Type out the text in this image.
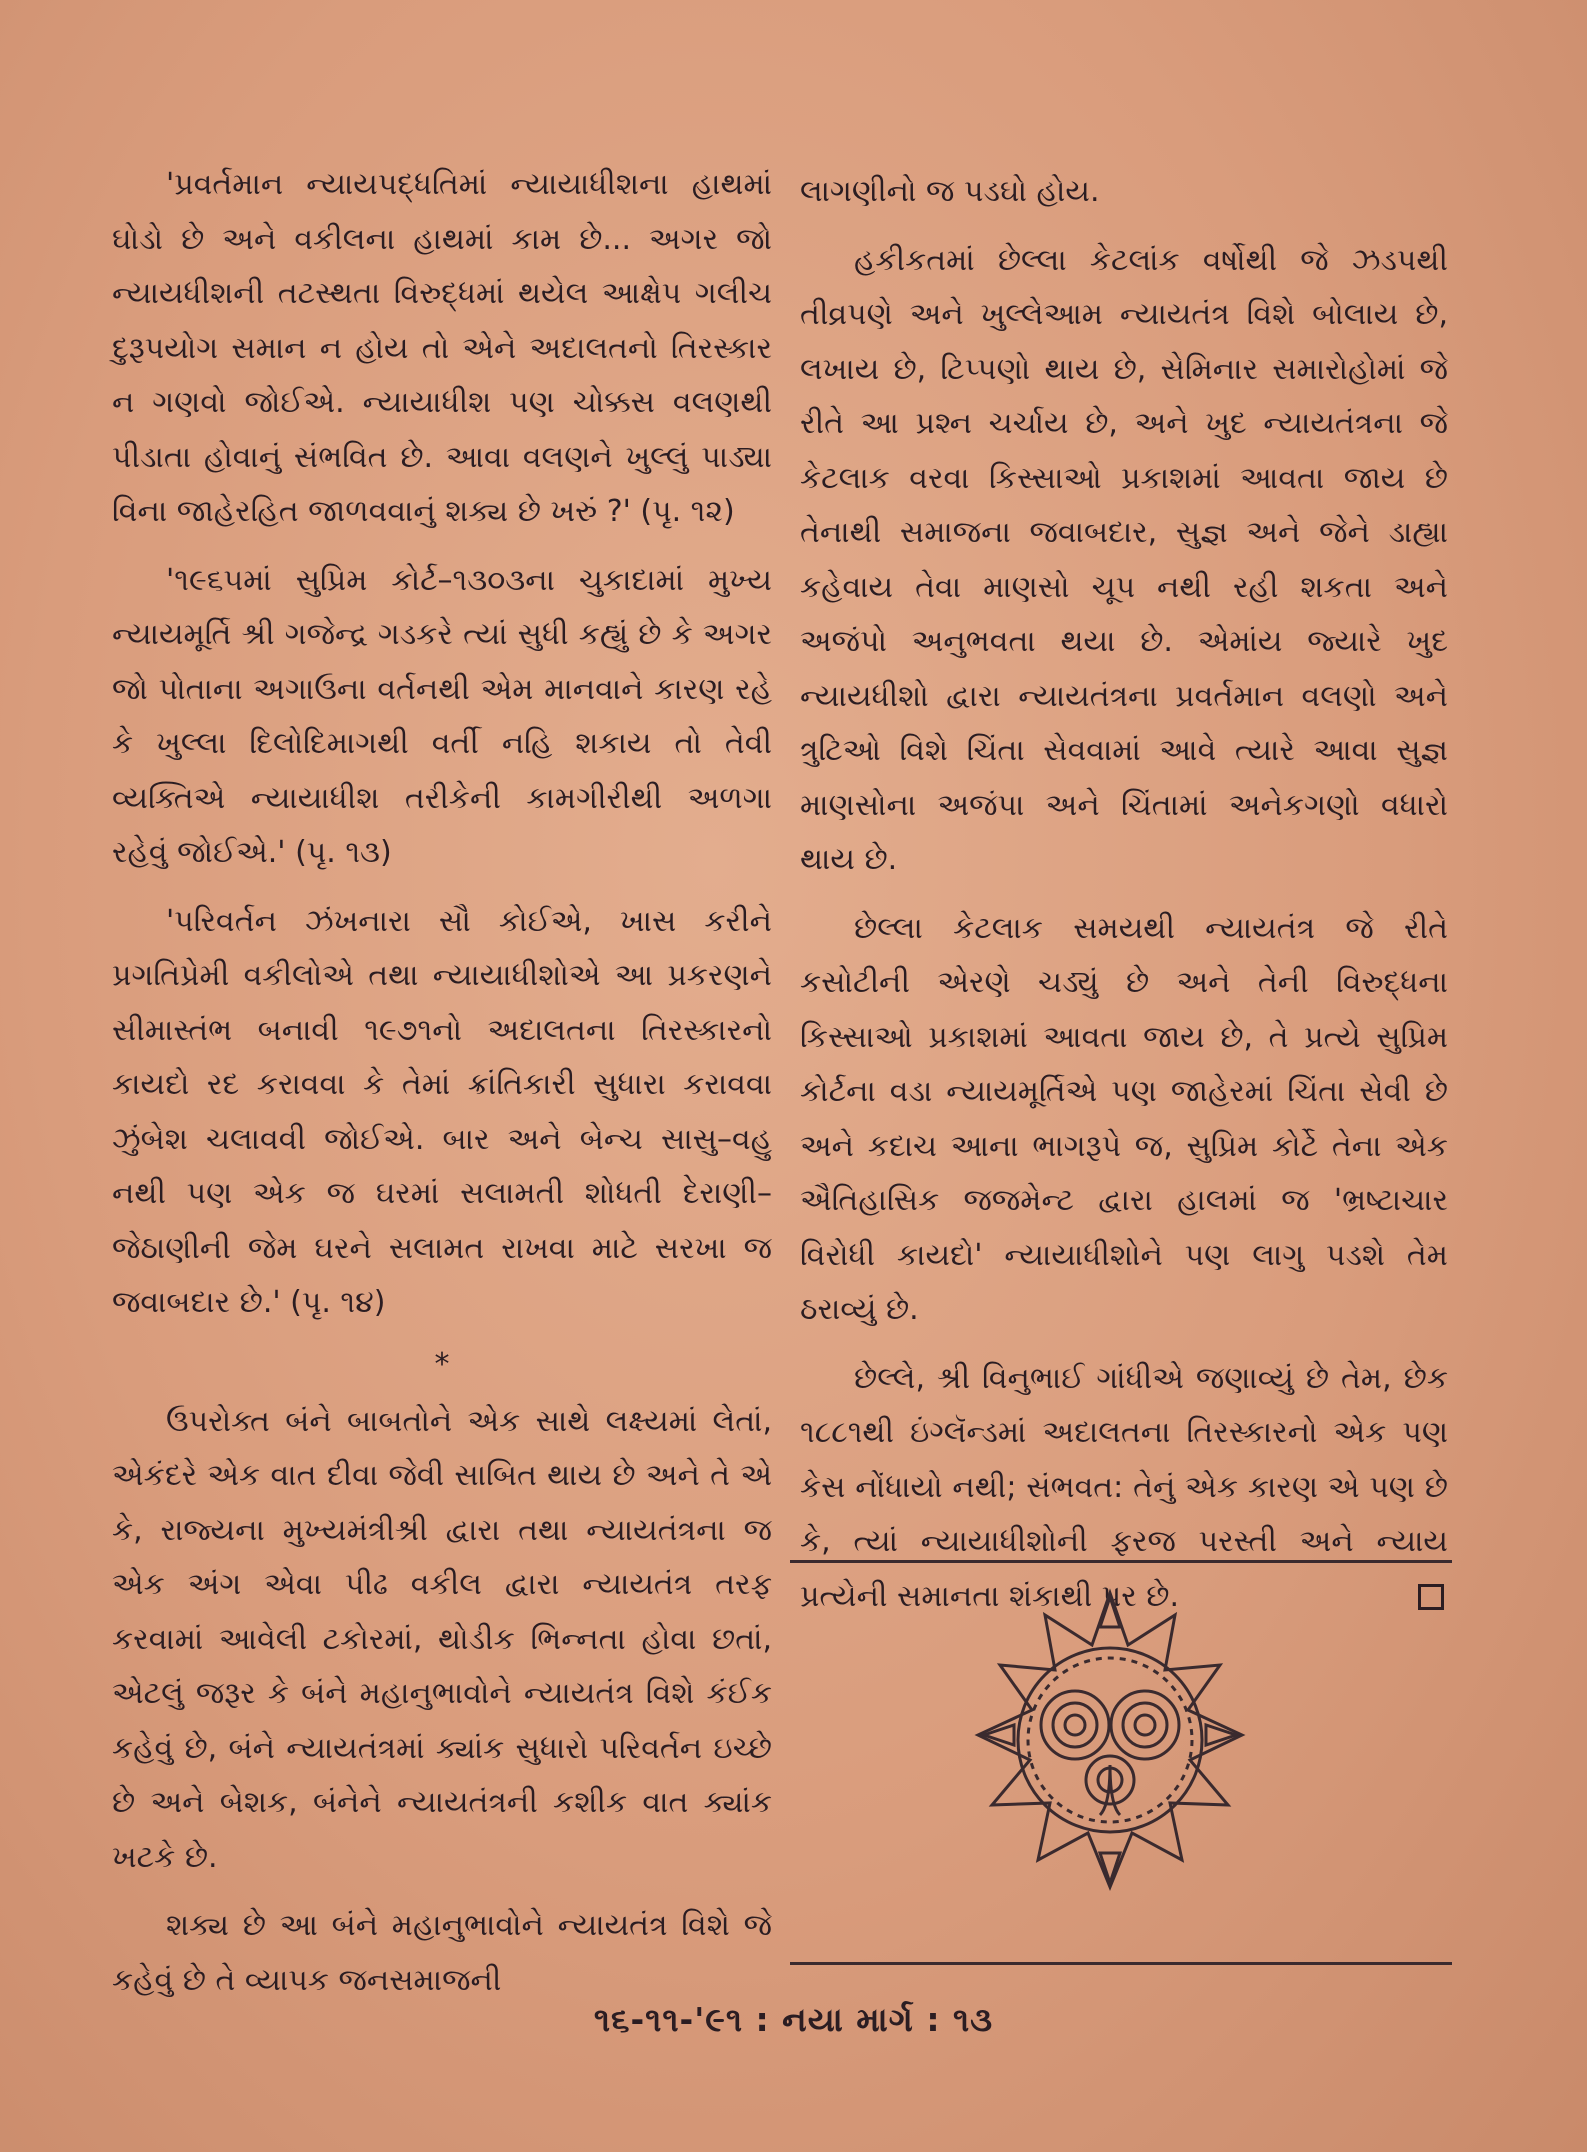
'પ્રવર્તમાન ન્યાયપદ્ધતિમાં ન્યાયાધીશના હાથમાં ઘોડો છે અને વકીલના હાથમાં કામ છે... અગર જો ન્યાયધીશની તટસ્થતા વિરુદ્ધમાં થયેલ આક્ષેપ ગલીચ દુરૂપયોગ સમાન ન હોય તો એને અદાલતનો તિરસ્કાર ન ગણવો જોઈએ. ન્યાયાધીશ પણ ચોક્કસ વલણથી પીડાતા હોવાનું સંભવિત છે. આવા વલણને ખુલ્લું પાડ્યા વિના જાહેરહિત જાળવવાનું શક્ય છે ખરું ?' (પૃ. ૧૨)

'૧૯૬૫માં સુપ્રિમ કોર્ટ–૧૩૦૩ના ચુકાદામાં મુખ્ય ન્યાયમૂર્તિ શ્રી ગજેન્દ્ર ગડકરે ત્યાં સુધી કહ્યું છે કે અગર જો પોતાના અગાઉના વર્તનથી એમ માનવાને કારણ રહે કે ખુલ્લા દિલોદિમાગથી વર્તી નહિ શકાય તો તેવી વ્યક્તિએ ન્યાયાધીશ તરીકેની કામગીરીથી અળગા રહેવું જોઈએ.' (પૃ. ૧૩)

'પરિવર્તન ઝંખનારા સૌ કોઈએ, ખાસ કરીને પ્રગતિપ્રેમી વકીલોએ તથા ન્યાયાધીશોએ આ પ્રકરણને સીમાસ્તંભ બનાવી ૧૯૭૧નો અદાલતના તિરસ્કારનો કાયદો રદ કરાવવા કે તેમાં ક્રાંતિકારી સુધારા કરાવવા ઝુંબેશ ચલાવવી જોઈએ. બાર અને બેન્ચ સાસુ–વહુ નથી પણ એક જ ઘરમાં સલામતી શોધતી દેરાણી–જેઠાણીની જેમ ઘરને સલામત રાખવા માટે સરખા જ જવાબદાર છે.' (પૃ. ૧૪)

*

ઉપરોક્ત બંને બાબતોને એક સાથે લક્ષ્યમાં લેતાં, એકંદરે એક વાત દીવા જેવી સાબિત થાય છે અને તે એ કે, રાજ્યના મુખ્યમંત્રીશ્રી દ્વારા તથા ન્યાયતંત્રના જ એક અંગ એવા પીઢ વકીલ દ્વારા ન્યાયતંત્ર તરફ કરવામાં આવેલી ટકોરમાં, થોડીક ભિન્નતા હોવા છતાં, એટલું જરૂર કે બંને મહાનુભાવોને ન્યાયતંત્ર વિશે કંઈક કહેવું છે, બંને ન્યાયતંત્રમાં ક્યાંક સુધારો પરિવર્તન ઇચ્છે છે અને બેશક, બંનેને ન્યાયતંત્રની કશીક વાત ક્યાંક ખટકે છે.

શક્ય છે આ બંને મહાનુભાવોને ન્યાયતંત્ર વિશે જે કહેવું છે તે વ્યાપક જનસમાજની

લાગણીનો જ પડઘો હોય.

હકીકતમાં છેલ્લા કેટલાંક વર્ષોથી જે ઝડપથી તીવ્રપણે અને ખુલ્લેઆમ ન્યાયતંત્ર વિશે બોલાય છે, લખાય છે, ટિપ્પણો થાય છે, સેમિનાર સમારોહોમાં જે રીતે આ પ્રશ્ન ચર્ચાય છે, અને ખુદ ન્યાયતંત્રના જે કેટલાક વરવા કિસ્સાઓ પ્રકાશમાં આવતા જાય છે તેનાથી સમાજના જવાબદાર, સુજ્ઞ અને જેને ડાહ્યા કહેવાય તેવા માણસો ચૂપ નથી રહી શકતા અને અજંપો અનુભવતા થયા છે. એમાંય જ્યારે ખુદ ન્યાયધીશો દ્વારા ન્યાયતંત્રના પ્રવર્તમાન વલણો અને ત્રુટિઓ વિશે ચિંતા સેવવામાં આવે ત્યારે આવા સુજ્ઞ માણસોના અજંપા અને ચિંતામાં અનેકગણો વધારો થાય છે.

છેલ્લા કેટલાક સમયથી ન્યાયતંત્ર જે રીતે કસોટીની એરણે ચડ્યું છે અને તેની વિરુદ્ધના કિસ્સાઓ પ્રકાશમાં આવતા જાય છે, તે પ્રત્યે સુપ્રિમ કોર્ટના વડા ન્યાયમૂર્તિએ પણ જાહેરમાં ચિંતા સેવી છે અને કદાચ આના ભાગરૂપે જ, સુપ્રિમ કોર્ટે તેના એક ઐતિહાસિક જજમેન્ટ દ્વારા હાલમાં જ 'ભ્રષ્ટાચાર વિરોધી કાયદો' ન્યાયાધીશોને પણ લાગુ પડશે તેમ ઠરાવ્યું છે.

છેલ્લે, શ્રી વિનુભાઈ ગાંધીએ જણાવ્યું છે તેમ, છેક ૧૮૮૧થી ઇંગ્લૅન્ડમાં અદાલતના તિરસ્કારનો એક પણ કેસ નોંધાયો નથી; સંભવત: તેનું એક કારણ એ પણ છે કે, ત્યાં ન્યાયાધીશોની ફરજ પરસ્તી અને ન્યાય પ્રત્યેની સમાનતા શંકાથી પર છે.

૧૬-૧૧-'૯૧ : નયા માર્ગ : ૧૩
